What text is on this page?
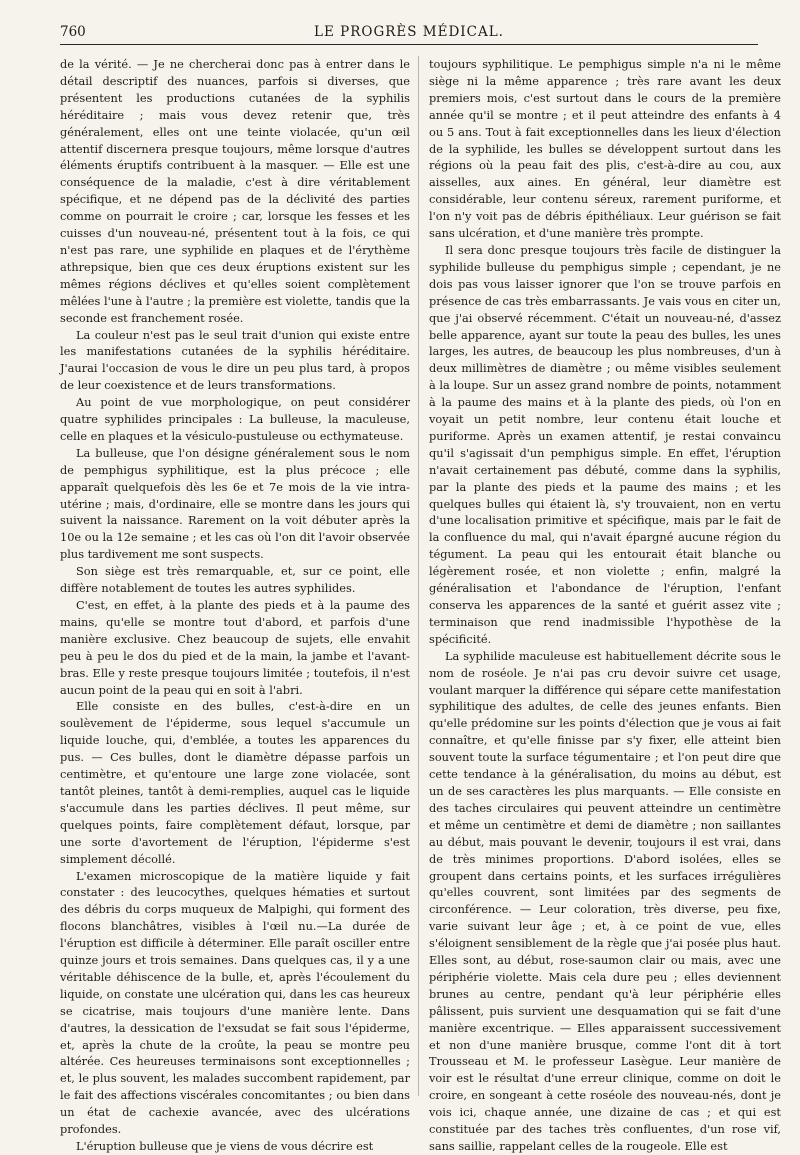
760	LE PROGRÈS MÉDICAL.

de la vérité. — Je ne chercherai donc pas à entrer dans le détail descriptif des nuances, parfois si diverses, que présentent les productions cutanées de la syphilis héréditaire ; mais vous devez retenir que, très généralement, elles ont une teinte violacée, qu'un œil attentif discernera presque toujours, même lorsque d'autres éléments éruptifs contribuent à la masquer. — Elle est une conséquence de la maladie, c'est à dire véritablement spécifique, et ne dépend pas de la déclivité des parties comme on pourrait le croire ; car, lorsque les fesses et les cuisses d'un nouveau-né, présentent tout à la fois, ce qui n'est pas rare, une syphilide en plaques et de l'érythème athrepsique, bien que ces deux éruptions existent sur les mêmes régions déclives et qu'elles soient complètement mêlées l'une à l'autre ; la première est violette, tandis que la seconde est franchement rosée.

La couleur n'est pas le seul trait d'union qui existe entre les manifestations cutanées de la syphilis héréditaire. J'aurai l'occasion de vous le dire un peu plus tard, à propos de leur coexistence et de leurs transformations.

Au point de vue morphologique, on peut considérer quatre syphilides principales : La bulleuse, la maculeuse, celle en plaques et la vésiculo-pustuleuse ou ecthymateuse.

La bulleuse, que l'on désigne généralement sous le nom de pemphigus syphilitique, est la plus précoce ; elle apparaît quelquefois dès les 6e et 7e mois de la vie intra-utérine ; mais, d'ordinaire, elle se montre dans les jours qui suivent la naissance. Rarement on la voit débuter après la 10e ou la 12e semaine ; et les cas où l'on dit l'avoir observée plus tardivement me sont suspects.

Son siège est très remarquable, et, sur ce point, elle diffère notablement de toutes les autres syphilides.

C'est, en effet, à la plante des pieds et à la paume des mains, qu'elle se montre tout d'abord, et parfois d'une manière exclusive. Chez beaucoup de sujets, elle envahit peu à peu le dos du pied et de la main, la jambe et l'avant-bras. Elle y reste presque toujours limitée ; toutefois, il n'est aucun point de la peau qui en soit à l'abri.

Elle consiste en des bulles, c'est-à-dire en un soulèvement de l'épiderme, sous lequel s'accumule un liquide louche, qui, d'emblée, a toutes les apparences du pus. — Ces bulles, dont le diamètre dépasse parfois un centimètre, et qu'entoure une large zone violacée, sont tantôt pleines, tantôt à demi-remplies, auquel cas le liquide s'accumule dans les parties déclives. Il peut même, sur quelques points, faire complètement défaut, lorsque, par une sorte d'avortement de l'éruption, l'épiderme s'est simplement décollé.

L'examen microscopique de la matière liquide y fait constater : des leucocythes, quelques hématies et surtout des débris du corps muqueux de Malpighi, qui forment des flocons blanchâtres, visibles à l'œil nu.—La durée de l'éruption est difficile à déterminer. Elle paraît osciller entre quinze jours et trois semaines. Dans quelques cas, il y a une véritable déhiscence de la bulle, et, après l'écoulement du liquide, on constate une ulcération qui, dans les cas heureux se cicatrise, mais toujours d'une manière lente. Dans d'autres, la dessication de l'exsudat se fait sous l'épiderme, et, après la chute de la croûte, la peau se montre peu altérée. Ces heureuses terminaisons sont exceptionnelles ; et, le plus souvent, les malades succombent rapidement, par le fait des affections viscérales concomitantes ; ou bien dans un état de cachexie avancée, avec des ulcérations profondes.

L'éruption bulleuse que je viens de vous décrire est

toujours syphilitique. Le pemphigus simple n'a ni le même siège ni la même apparence ; très rare avant les deux premiers mois, c'est surtout dans le cours de la première année qu'il se montre ; et il peut atteindre des enfants à 4 ou 5 ans. Tout à fait exceptionnelles dans les lieux d'élection de la syphilide, les bulles se développent surtout dans les régions où la peau fait des plis, c'est-à-dire au cou, aux aisselles, aux aines. En général, leur diamètre est considérable, leur contenu séreux, rarement puriforme, et l'on n'y voit pas de débris épithéliaux. Leur guérison se fait sans ulcération, et d'une manière très prompte.

Il sera donc presque toujours très facile de distinguer la syphilide bulleuse du pemphigus simple ; cependant, je ne dois pas vous laisser ignorer que l'on se trouve parfois en présence de cas très embarrassants. Je vais vous en citer un, que j'ai observé récemment. C'était un nouveau-né, d'assez belle apparence, ayant sur toute la peau des bulles, les unes larges, les autres, de beaucoup les plus nombreuses, d'un à deux millimètres de diamètre ; ou même visibles seulement à la loupe. Sur un assez grand nombre de points, notamment à la paume des mains et à la plante des pieds, où l'on en voyait un petit nombre, leur contenu était louche et puriforme. Après un examen attentif, je restai convaincu qu'il s'agissait d'un pemphigus simple. En effet, l'éruption n'avait certainement pas débuté, comme dans la syphilis, par la plante des pieds et la paume des mains ; et les quelques bulles qui étaient là, s'y trouvaient, non en vertu d'une localisation primitive et spécifique, mais par le fait de la confluence du mal, qui n'avait épargné aucune région du tégument. La peau qui les entourait était blanche ou légèrement rosée, et non violette ; enfin, malgré la généralisation et l'abondance de l'éruption, l'enfant conserva les apparences de la santé et guérit assez vite ; terminaison que rend inadmissible l'hypothèse de la spécificité.

La syphilide maculeuse est habituellement décrite sous le nom de roséole. Je n'ai pas cru devoir suivre cet usage, voulant marquer la différence qui sépare cette manifestation syphilitique des adultes, de celle des jeunes enfants. Bien qu'elle prédomine sur les points d'élection que je vous ai fait connaître, et qu'elle finisse par s'y fixer, elle atteint bien souvent toute la surface tégumentaire ; et l'on peut dire que cette tendance à la généralisation, du moins au début, est un de ses caractères les plus marquants. — Elle consiste en des taches circulaires qui peuvent atteindre un centimètre et même un centimètre et demi de diamètre ; non saillantes au début, mais pouvant le devenir, toujours il est vrai, dans de très minimes proportions. D'abord isolées, elles se groupent dans certains points, et les surfaces irrégulières qu'elles couvrent, sont limitées par des segments de circonférence. — Leur coloration, très diverse, peu fixe, varie suivant leur âge ; et, à ce point de vue, elles s'éloignent sensiblement de la règle que j'ai posée plus haut. Elles sont, au début, rose-saumon clair ou mais, avec une périphérie violette. Mais cela dure peu ; elles deviennent brunes au centre, pendant qu'à leur périphérie elles pâlissent, puis survient une desquamation qui se fait d'une manière excentrique. — Elles apparaissent successivement et non d'une manière brusque, comme l'ont dit à tort Trousseau et M. le professeur Lasègue. Leur manière de voir est le résultat d'une erreur clinique, comme on doit le croire, en songeant à cette roséole des nouveau-nés, dont je vois ici, chaque année, une dizaine de cas ; et qui est constituée par des taches très confluentes, d'un rose vif, sans saillie, rappelant celles de la rougeole. Elle est
